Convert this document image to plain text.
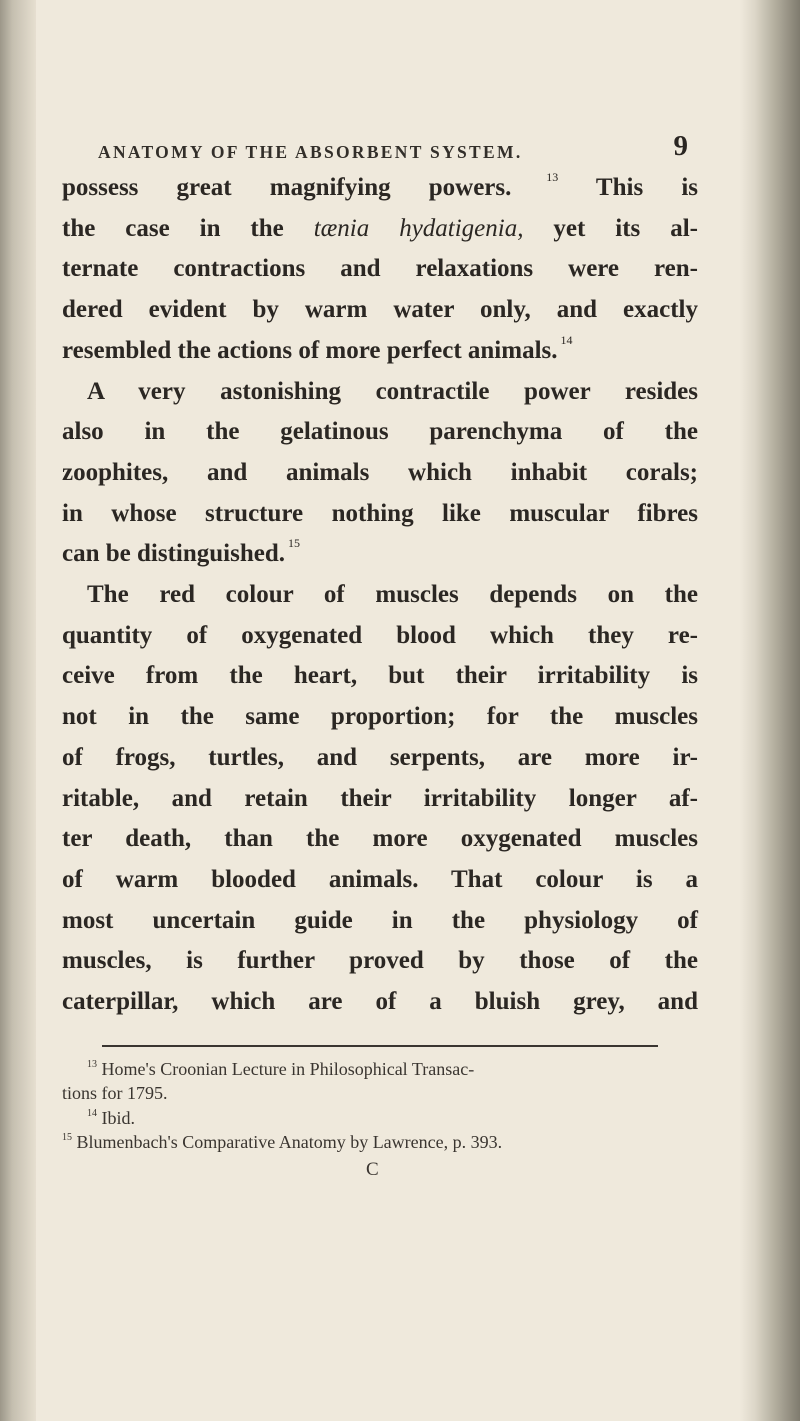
ANATOMY OF THE ABSORBENT SYSTEM.	9
possess great magnifying powers. $^{13}$ This is
the case in the tænia hydatigenia, yet its al-
ternate contractions and relaxations were ren-
dered evident by warm water only, and exactly
resembled the actions of more perfect animals. $^{14}$
A very astonishing contractile power resides
also in the gelatinous parenchyma of the
zoophites, and animals which inhabit corals;
in whose structure nothing like muscular fibres
can be distinguished. $^{15}$
The red colour of muscles depends on the
quantity of oxygenated blood which they re-
ceive from the heart, but their irritability is
not in the same proportion; for the muscles
of frogs, turtles, and serpents, are more ir-
ritable, and retain their irritability longer af-
ter death, than the more oxygenated muscles
of warm blooded animals. That colour is a
most uncertain guide in the physiology of
muscles, is further proved by those of the
caterpillar, which are of a bluish grey, and
$^{13}$ Home's Croonian Lecture in Philosophical Transac-
tions for 1795.
$^{14}$ Ibid.
$^{15}$ Blumenbach's Comparative Anatomy by Lawrence, p. 393.
C
